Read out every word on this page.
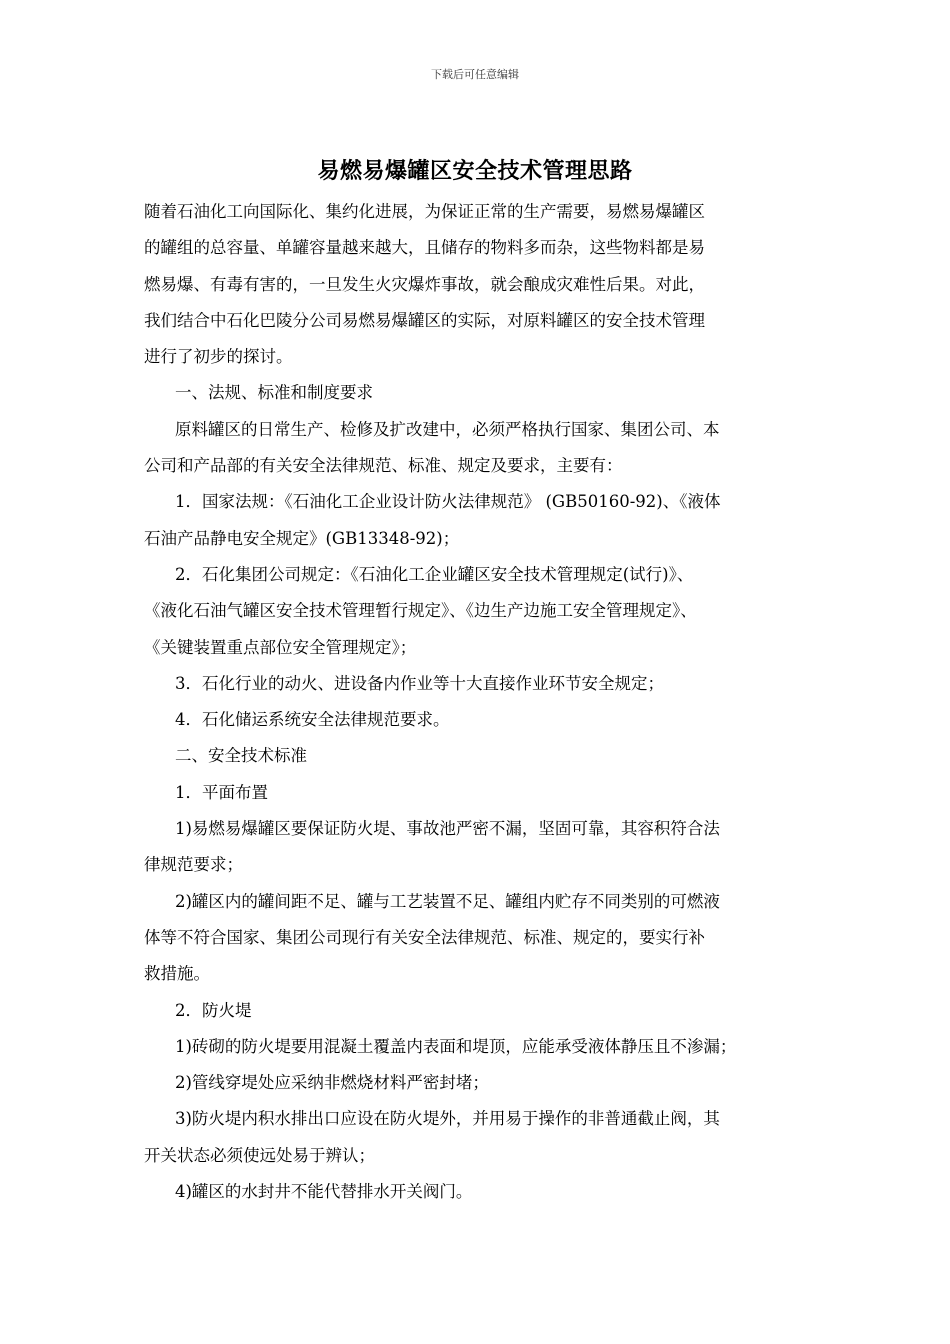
下载后可任意编辑
易燃易爆罐区安全技术管理思路
随着石油化工向国际化、集约化进展，为保证正常的生产需要，易燃易爆罐区
的罐组的总容量、单罐容量越来越大，且储存的物料多而杂，这些物料都是易
燃易爆、有毒有害的，一旦发生火灾爆炸事故，就会酿成灾难性后果。对此，
我们结合中石化巴陵分公司易燃易爆罐区的实际，对原料罐区的安全技术管理
进行了初步的探讨。
一、法规、标准和制度要求
原料罐区的日常生产、检修及扩改建中，必须严格执行国家、集团公司、本
公司和产品部的有关安全法律规范、标准、规定及要求，主要有：
1．国家法规：《石油化工企业设计防火法律规范》 (GB50160-92)、《液体
石油产品静电安全规定》(GB13348-92)；
2．石化集团公司规定：《石油化工企业罐区安全技术管理规定(试行)》、
《液化石油气罐区安全技术管理暂行规定》、《边生产边施工安全管理规定》、
《关键装置重点部位安全管理规定》；
3．石化行业的动火、进设备内作业等十大直接作业环节安全规定；
4．石化储运系统安全法律规范要求。
二、安全技术标准
1．平面布置
1)易燃易爆罐区要保证防火堤、事故池严密不漏，坚固可靠，其容积符合法
律规范要求；
2)罐区内的罐间距不足、罐与工艺装置不足、罐组内贮存不同类别的可燃液
体等不符合国家、集团公司现行有关安全法律规范、标准、规定的，要实行补
救措施。
2．防火堤
1)砖砌的防火堤要用混凝土覆盖内表面和堤顶，应能承受液体静压且不渗漏；
2)管线穿堤处应采纳非燃烧材料严密封堵；
3)防火堤内积水排出口应设在防火堤外，并用易于操作的非普通截止阀，其
开关状态必须使远处易于辨认；
4)罐区的水封井不能代替排水开关阀门。
